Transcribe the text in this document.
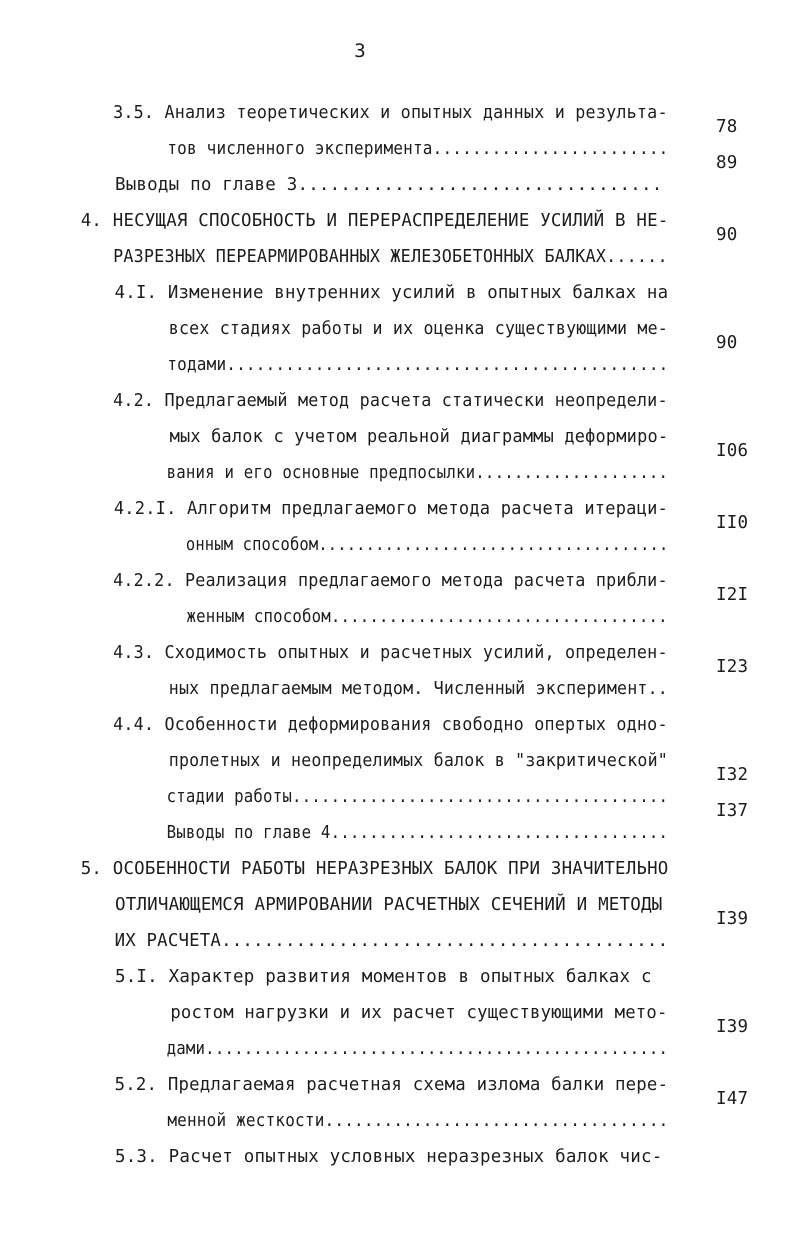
3

3.5. Анализ теоретических и опытных данных и результа-

тов численного эксперимента........................

78

Выводы по главе 3..................................

89

4. НЕСУЩАЯ СПОСОБНОСТЬ И ПЕРЕРАСПРЕДЕЛЕНИЕ УСИЛИЙ В НЕ-

РАЗРЕЗНЫХ ПЕРЕАРМИРОВАННЫХ ЖЕЛЕЗОБЕТОННЫХ БАЛКАХ......

90

4.I. Изменение внутренних усилий в опытных балках на

всех стадиях работы и их оценка существующими ме-

тодами.............................................

90

4.2. Предлагаемый метод расчета статически неопредели-

мых балок с учетом реальной диаграммы деформиро-

вания и его основные предпосылки....................

I06

4.2.I. Алгоритм предлагаемого метода расчета итераци-

онным способом.....................................

II0

4.2.2. Реализация предлагаемого метода расчета прибли-

женным способом...................................

I2I

4.3. Сходимость опытных и расчетных усилий, определен-

ных предлагаемым методом. Численный эксперимент..

I23

4.4. Особенности деформирования свободно опертых одно-

пролетных и неопределимых балок в "закритической"

стадии работы.......................................

I32

Выводы по главе 4...................................

I37

5. ОСОБЕННОСТИ РАБОТЫ НЕРАЗРЕЗНЫХ БАЛОК ПРИ ЗНАЧИТЕЛЬНО

ОТЛИЧАЮЩЕМСЯ АРМИРОВАНИИ РАСЧЕТНЫХ СЕЧЕНИЙ И МЕТОДЫ

ИХ РАСЧЕТА..........................................

I39

5.I. Характер развития моментов в опытных балках с

ростом нагрузки и их расчет существующими мето-

дами................................................

I39

5.2. Предлагаемая расчетная схема излома балки пере-

менной жесткости...................................

I47

5.3. Расчет опытных условных неразрезных балок чис-
